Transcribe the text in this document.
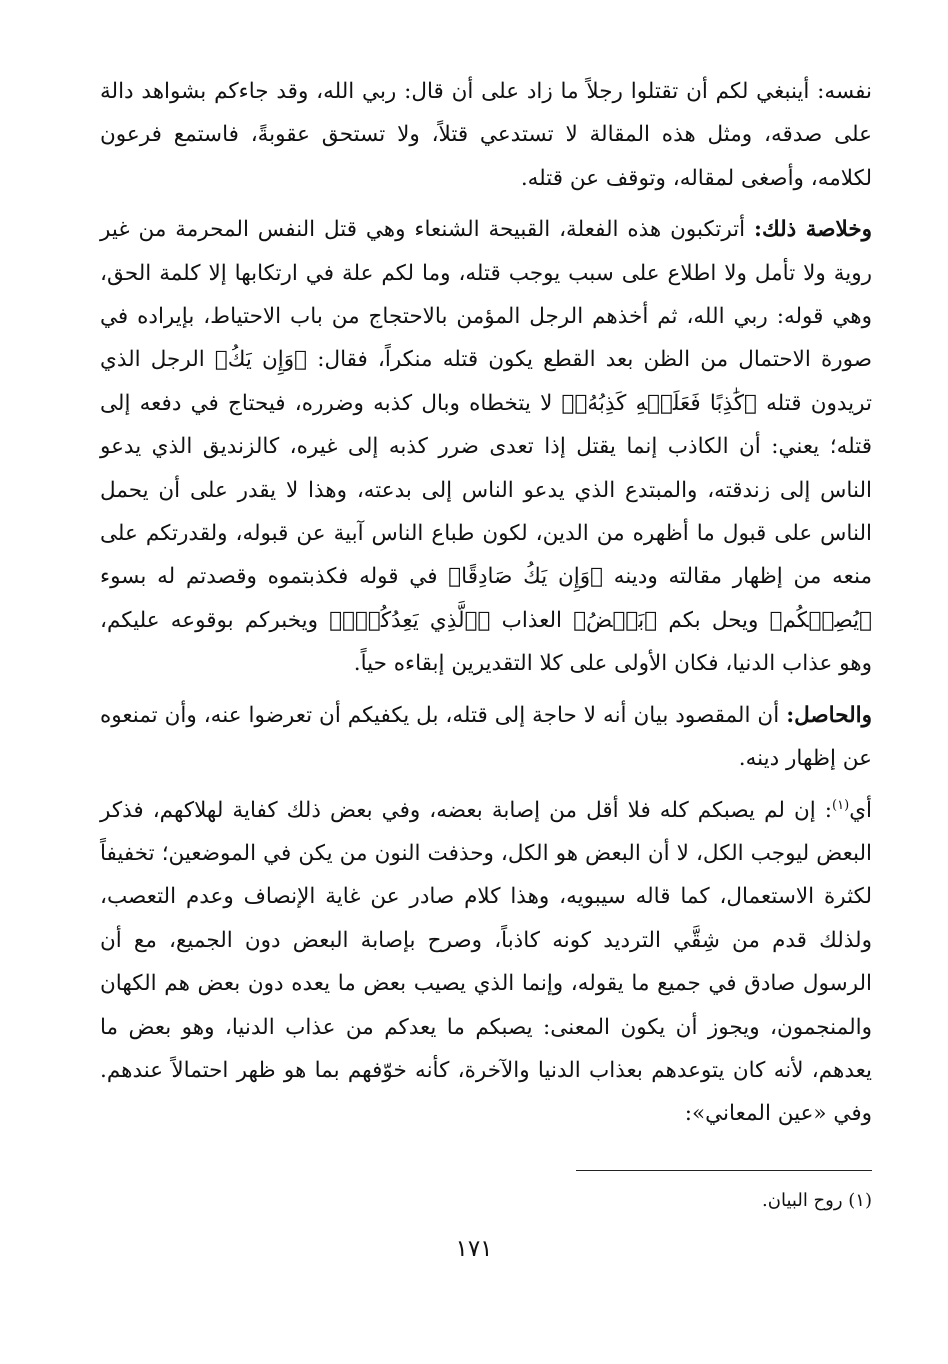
نفسه: أينبغي لكم أن تقتلوا رجلاً ما زاد على أن قال: ربي الله، وقد جاءكم بشواهد دالة على صدقه، ومثل هذه المقالة لا تستدعي قتلاً، ولا تستحق عقوبةً، فاستمع فرعون لكلامه، وأصغى لمقاله، وتوقف عن قتله.
وخلاصة ذلك: أترتكبون هذه الفعلة، القبيحة الشنعاء وهي قتل النفس المحرمة من غير روية ولا تأمل ولا اطلاع على سبب يوجب قتله، وما لكم علة في ارتكابها إلا كلمة الحق، وهي قوله: ربي الله، ثم أخذهم الرجل المؤمن بالاحتجاج من باب الاحتياط، بإيراده في صورة الاحتمال من الظن بعد القطع يكون قتله منكراً، فقال: ﴿وَإِن يَكُ﴾ الرجل الذي تريدون قتله ﴿كَٰذِبًا فَعَلَيۡهِ كَذِبُهُۥ﴾ لا يتخطاه وبال كذبه وضرره، فيحتاج في دفعه إلى قتله؛ يعني: أن الكاذب إنما يقتل إذا تعدى ضرر كذبه إلى غيره، كالزنديق الذي يدعو الناس إلى زندقته، والمبتدع الذي يدعو الناس إلى بدعته، وهذا لا يقدر على أن يحمل الناس على قبول ما أظهره من الدين، لكون طباع الناس آبية عن قبوله، ولقدرتكم على منعه من إظهار مقالته ودينه ﴿وَإِن يَكُ صَادِقًا﴾ في قوله فكذبتموه وقصدتم له بسوء ﴿يُصِبۡكُم﴾ ويحل بكم ﴿بَعۡضُ﴾ العذاب ﴿ٱلَّذِي يَعِدُكُمۡۖ﴾ ويخبركم بوقوعه عليكم، وهو عذاب الدنيا، فكان الأولى على كلا التقديرين إبقاءه حياً.
والحاصل: أن المقصود بيان أنه لا حاجة إلى قتله، بل يكفيكم أن تعرضوا عنه، وأن تمنعوه عن إظهار دينه.
أي$^{(١)}$: إن لم يصبكم كله فلا أقل من إصابة بعضه، وفي بعض ذلك كفاية لهلاكهم، فذكر البعض ليوجب الكل، لا أن البعض هو الكل، وحذفت النون من يكن في الموضعين؛ تخفيفاً لكثرة الاستعمال، كما قاله سيبويه، وهذا كلام صادر عن غاية الإنصاف وعدم التعصب، ولذلك قدم من شِقَّي الترديد كونه كاذباً، وصرح بإصابة البعض دون الجميع، مع أن الرسول صادق في جميع ما يقوله، وإنما الذي يصيب بعض ما يعده دون بعض هم الكهان والمنجمون، ويجوز أن يكون المعنى: يصبكم ما يعدكم من عذاب الدنيا، وهو بعض ما يعدهم، لأنه كان يتوعدهم بعذاب الدنيا والآخرة، كأنه خوّفهم بما هو ظهر احتمالاً عندهم. وفي «عين المعاني»:
(١) روح البيان.
١٧١
